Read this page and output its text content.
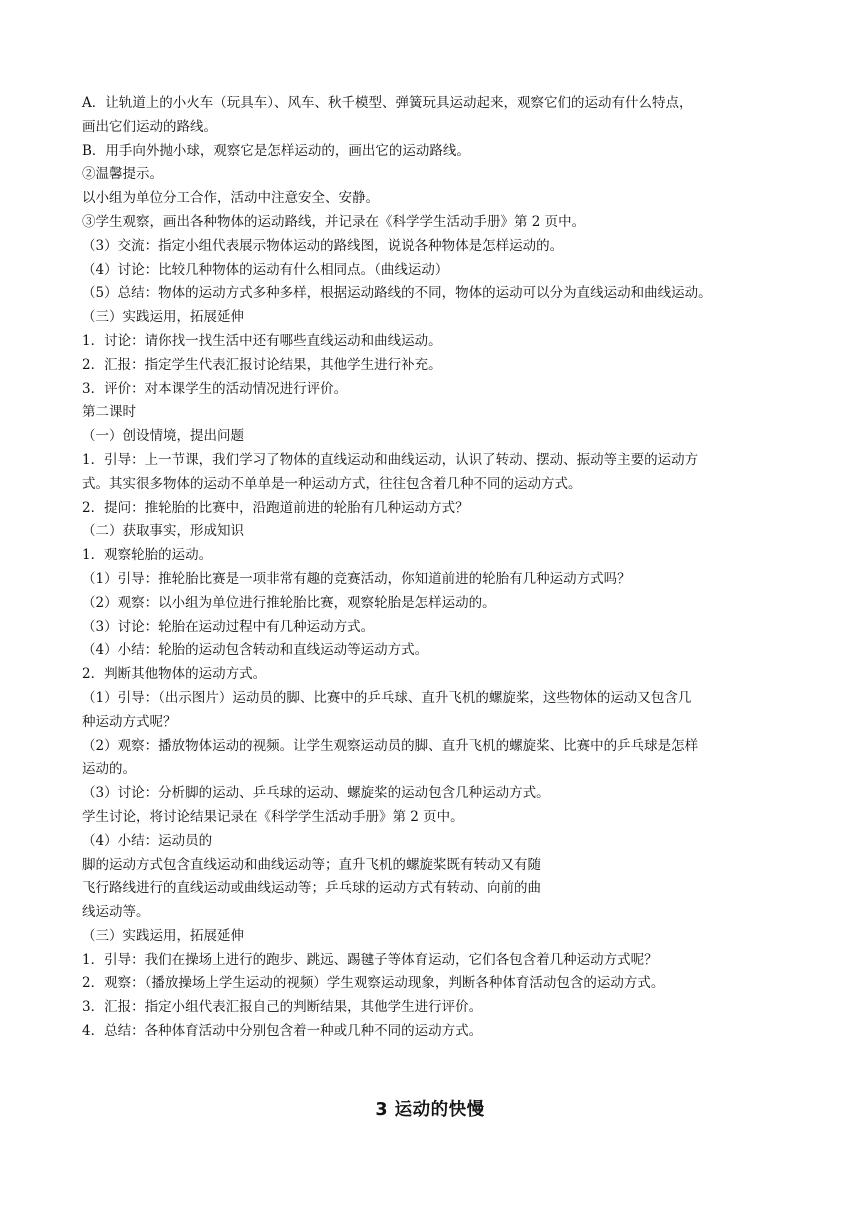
A．让轨道上的小火车（玩具车）、风车、秋千模型、弹簧玩具运动起来，观察它们的运动有什么特点，
画出它们运动的路线。
B．用手向外抛小球，观察它是怎样运动的，画出它的运动路线。
②温馨提示。
以小组为单位分工合作，活动中注意安全、安静。
③学生观察，画出各种物体的运动路线，并记录在《科学学生活动手册》第 2 页中。
（3）交流：指定小组代表展示物体运动的路线图，说说各种物体是怎样运动的。
（4）讨论：比较几种物体的运动有什么相同点。（曲线运动）
（5）总结：物体的运动方式多种多样，根据运动路线的不同，物体的运动可以分为直线运动和曲线运动。
（三）实践运用，拓展延伸
1．讨论：请你找一找生活中还有哪些直线运动和曲线运动。
2．汇报：指定学生代表汇报讨论结果，其他学生进行补充。
3．评价：对本课学生的活动情况进行评价。
第二课时
（一）创设情境，提出问题
1．引导：上一节课，我们学习了物体的直线运动和曲线运动，认识了转动、摆动、振动等主要的运动方
式。其实很多物体的运动不单单是一种运动方式，往往包含着几种不同的运动方式。
2．提问：推轮胎的比赛中，沿跑道前进的轮胎有几种运动方式？
（二）获取事实，形成知识
1．观察轮胎的运动。
（1）引导：推轮胎比赛是一项非常有趣的竞赛活动，你知道前进的轮胎有几种运动方式吗？
（2）观察：以小组为单位进行推轮胎比赛，观察轮胎是怎样运动的。
（3）讨论：轮胎在运动过程中有几种运动方式。
（4）小结：轮胎的运动包含转动和直线运动等运动方式。
2．判断其他物体的运动方式。
（1）引导：（出示图片）运动员的脚、比赛中的乒乓球、直升飞机的螺旋桨，这些物体的运动又包含几
种运动方式呢？
（2）观察：播放物体运动的视频。让学生观察运动员的脚、直升飞机的螺旋桨、比赛中的乒乓球是怎样
运动的。
（3）讨论：分析脚的运动、乒乓球的运动、螺旋桨的运动包含几种运动方式。
学生讨论，将讨论结果记录在《科学学生活动手册》第 2 页中。
（4）小结：运动员的
脚的运动方式包含直线运动和曲线运动等；直升飞机的螺旋桨既有转动又有随
飞行路线进行的直线运动或曲线运动等；乒乓球的运动方式有转动、向前的曲
线运动等。
（三）实践运用，拓展延伸
1．引导：我们在操场上进行的跑步、跳远、踢毽子等体育运动，它们各包含着几种运动方式呢？
2．观察：（播放操场上学生运动的视频）学生观察运动现象，判断各种体育活动包含的运动方式。
3．汇报：指定小组代表汇报自己的判断结果，其他学生进行评价。
4．总结：各种体育活动中分别包含着一种或几种不同的运动方式。
3 运动的快慢
